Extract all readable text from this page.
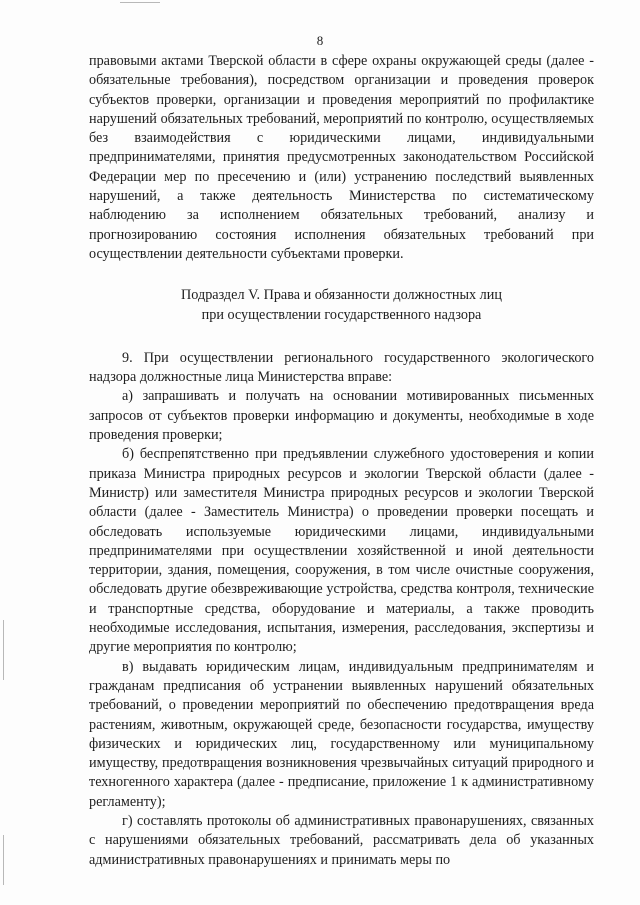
8

правовыми актами Тверской области в сфере охраны окружающей среды (далее - обязательные требования), посредством организации и проведения проверок субъектов проверки, организации и проведения мероприятий по профилактике нарушений обязательных требований, мероприятий по контролю, осуществляемых без взаимодействия с юридическими лицами, индивидуальными предпринимателями, принятия предусмотренных законодательством Российской Федерации мер по пресечению и (или) устранению последствий выявленных нарушений, а также деятельность Министерства по систематическому наблюдению за исполнением обязательных требований, анализу и прогнозированию состояния исполнения обязательных требований при осуществлении деятельности субъектами проверки.

Подраздел V. Права и обязанности должностных лиц
при осуществлении государственного надзора

9. При осуществлении регионального государственного экологического надзора должностные лица Министерства вправе:

а) запрашивать и получать на основании мотивированных письменных запросов от субъектов проверки информацию и документы, необходимые в ходе проведения проверки;

б) беспрепятственно при предъявлении служебного удостоверения и копии приказа Министра природных ресурсов и экологии Тверской области (далее - Министр) или заместителя Министра природных ресурсов и экологии Тверской области (далее - Заместитель Министра) о проведении проверки посещать и обследовать используемые юридическими лицами, индивидуальными предпринимателями при осуществлении хозяйственной и иной деятельности территории, здания, помещения, сооружения, в том числе очистные сооружения, обследовать другие обезвреживающие устройства, средства контроля, технические и транспортные средства, оборудование и материалы, а также проводить необходимые исследования, испытания, измерения, расследования, экспертизы и другие мероприятия по контролю;

в) выдавать юридическим лицам, индивидуальным предпринимателям и гражданам предписания об устранении выявленных нарушений обязательных требований, о проведении мероприятий по обеспечению предотвращения вреда растениям, животным, окружающей среде, безопасности государства, имуществу физических и юридических лиц, государственному или муниципальному имуществу, предотвращения возникновения чрезвычайных ситуаций природного и техногенного характера (далее - предписание, приложение 1 к административному регламенту);

г) составлять протоколы об административных правонарушениях, связанных с нарушениями обязательных требований, рассматривать дела об указанных административных правонарушениях и принимать меры по
